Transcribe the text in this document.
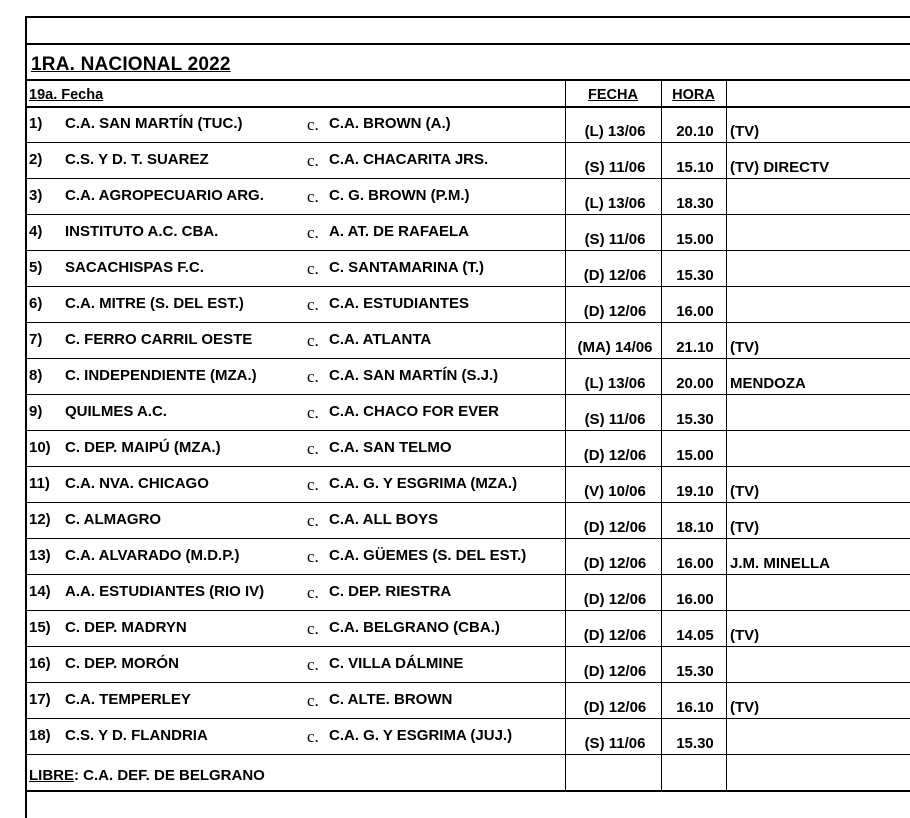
1RA. NACIONAL 2022
19a. Fecha	FECHA	HORA
1) C.A. SAN MARTÍN (TUC.)	c. C.A. BROWN (A.)	(L) 13/06	20.10	(TV)
2) C.S. Y D. T. SUAREZ	c. C.A. CHACARITA JRS.	(S) 11/06	15.10	(TV) DIRECTV
3) C.A. AGROPECUARIO ARG.	c. C. G. BROWN (P.M.)	(L) 13/06	18.30
4) INSTITUTO A.C. CBA.	c. A. AT. DE RAFAELA	(S) 11/06	15.00
5) SACACHISPAS F.C.	c. C. SANTAMARINA (T.)	(D) 12/06	15.30
6) C.A. MITRE (S. DEL EST.)	c. C.A. ESTUDIANTES	(D) 12/06	16.00
7) C. FERRO CARRIL OESTE	c. C.A. ATLANTA	(MA) 14/06	21.10	(TV)
8) C. INDEPENDIENTE (MZA.)	c. C.A. SAN MARTÍN (S.J.)	(L) 13/06	20.00	MENDOZA
9) QUILMES A.C.	c. C.A. CHACO FOR EVER	(S) 11/06	15.30
10) C. DEP. MAIPÚ (MZA.)	c. C.A. SAN TELMO	(D) 12/06	15.00
11) C.A. NVA. CHICAGO	c. C.A. G. Y ESGRIMA (MZA.)	(V) 10/06	19.10	(TV)
12) C. ALMAGRO	c. C.A. ALL BOYS	(D) 12/06	18.10	(TV)
13) C.A. ALVARADO (M.D.P.)	c. C.A. GÜEMES (S. DEL EST.)	(D) 12/06	16.00	J.M. MINELLA
14) A.A. ESTUDIANTES (RIO IV)	c. C. DEP. RIESTRA	(D) 12/06	16.00
15) C. DEP. MADRYN	c. C.A. BELGRANO (CBA.)	(D) 12/06	14.05	(TV)
16) C. DEP. MORÓN	c. C. VILLA DÁLMINE	(D) 12/06	15.30
17) C.A. TEMPERLEY	c. C. ALTE. BROWN	(D) 12/06	16.10	(TV)
18) C.S. Y D. FLANDRIA	c. C.A. G. Y ESGRIMA (JUJ.)	(S) 11/06	15.30
LIBRE: C.A. DEF. DE BELGRANO
